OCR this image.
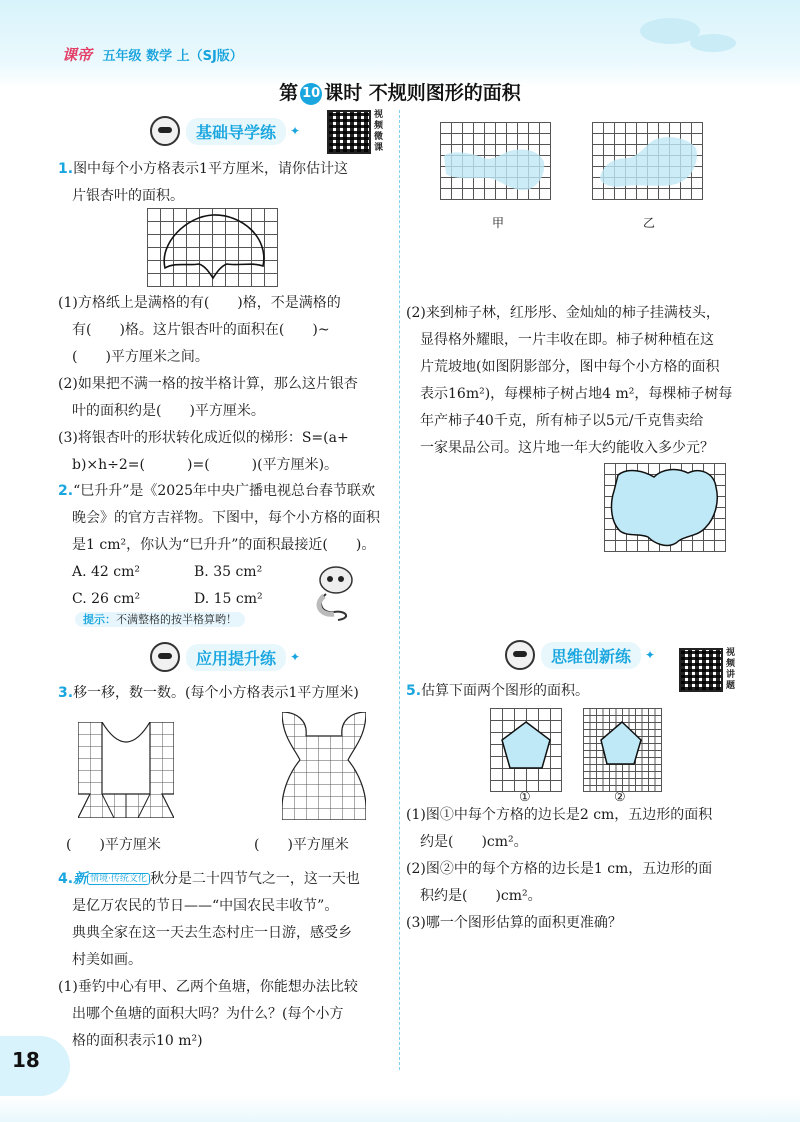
课帝 五年级 数学 上（SJ版）
第 10 课时 不规则图形的面积
基础导学练	✦
视频微课
1.图中每个小方格表示1平方厘米，请你估计这
片银杏叶的面积。
(1)方格纸上是满格的有(　　)格，不是满格的
有(　　)格。这片银杏叶的面积在(　　)~
(　　)平方厘米之间。
(2)如果把不满一格的按半格计算，那么这片银杏
叶的面积约是(　　)平方厘米。
(3)将银杏叶的形状转化成近似的梯形：S=(a+
b)×h÷2=(　　　)=(　　　)(平方厘米)。
2.“巳升升”是《2025年中央广播电视总台春节联欢
晚会》的官方吉祥物。下图中，每个小方格的面积
是1 cm²，你认为“巳升升”的面积最接近(　　)。
A. 42 cm²	B. 35 cm²
C. 26 cm²	D. 15 cm²
提示：不满整格的按半格算哟！
应用提升练	✦
3.移一移，数一数。(每个小方格表示1平方厘米)
(　　)平方厘米	(　　)平方厘米
4.新 情境·传统文化 秋分是二十四节气之一，这一天也
是亿万农民的节日——“中国农民丰收节”。
典典全家在这一天去生态村庄一日游，感受乡
村美如画。
(1)垂钓中心有甲、乙两个鱼塘，你能想办法比较
出哪个鱼塘的面积大吗？为什么？(每个小方
格的面积表示10 m²)
18
甲	乙
(2)来到柿子林，红彤彤、金灿灿的柿子挂满枝头，
显得格外耀眼，一片丰收在即。柿子树种植在这
片荒坡地(如图阴影部分，图中每个小方格的面积
表示16m²)，每棵柿子树占地4 m²，每棵柿子树每
年产柿子40千克，所有柿子以5元/千克售卖给
一家果品公司。这片地一年大约能收入多少元？
思维创新练	✦	视频讲题
5.估算下面两个图形的面积。
①	②
(1)图①中每个方格的边长是2 cm，五边形的面积
约是(　　)cm²。
(2)图②中的每个方格的边长是1 cm，五边形的面
积约是(　　)cm²。
(3)哪一个图形估算的面积更准确？
